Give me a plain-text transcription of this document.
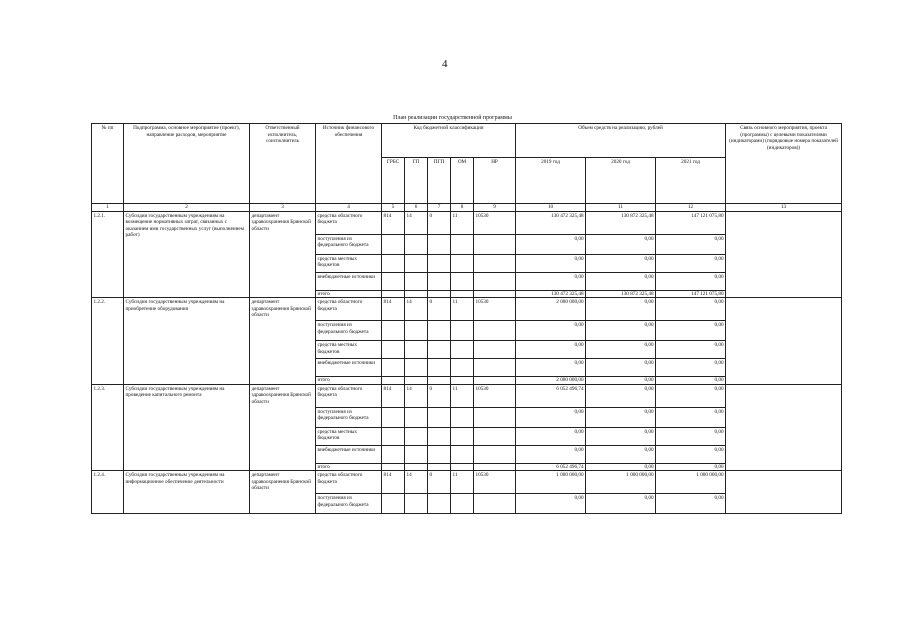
4
План реализации государственной программы
№ пп	Подпрограмма, основное мероприятие (проект), направление расходов, мероприятие	Ответственный исполнитель, соисполнитель	Источник финансового обеспечения	Код бюджетной классификации					Объем средств на реализацию, рублей			Связь основного мероприятия, проекта (программы) с целевыми показателями (индикаторами) (порядковые номера показателей (индикаторов))
				ГРБС	ГП	ПГП	ОМ	НР	2019 год	2020 год	2021 год	
1	2	3	4	5	6	7	8	9	10	11	12	13
1.2.1.	Субсидии государственным учреждениям на возмещение нормативных затрат, связанных с оказанием ими государственных услуг (выполнением работ)	департамент здравоохранения Брянской области	средства областного бюджета	814	14	0	11	10530	130 472 325,48	130 872 325,48	147 121 075,80	
			поступления из федерального бюджета						0,00	0,00	0,00	
			средства местных бюджетов						0,00	0,00	0,00	
			внебюджетные источники						0,00	0,00	0,00	
			итого						130 472 325,48	130 872 325,48	147 121 075,80	
1.2.2.	Субсидии государственным учреждениям на приобретение оборудования	департамент здравоохранения Брянской области	средства областного бюджета	814	14	0	11	10530	2 000 000,00	0,00	0,00	
			поступления из федерального бюджета						0,00	0,00	0,00	
			средства местных бюджетов						0,00	0,00	0,00	
			внебюджетные источники						0,00	0,00	0,00	
			итого						2 000 000,00	0,00	0,00	
1.2.3.	Субсидии государственным учреждениям на проведение капитального ремонта	департамент здравоохранения Брянской области	средства областного бюджета	814	14	0	11	10530	6 052 496,74	0,00	0,00	
			поступления из федерального бюджета						0,00	0,00	0,00	
			средства местных бюджетов						0,00	0,00	0,00	
			внебюджетные источники						0,00	0,00	0,00	
			итого						6 052 496,74	0,00	0,00	
1.2.4.	Субсидии государственным учреждениям на информационное обеспечение деятельности	департамент здравоохранения Брянской области	средства областного бюджета	814	14	0	11	10530	1 000 000,00	1 000 000,00	1 000 000,00	
			поступления из федерального бюджета						0,00	0,00	0,00	
